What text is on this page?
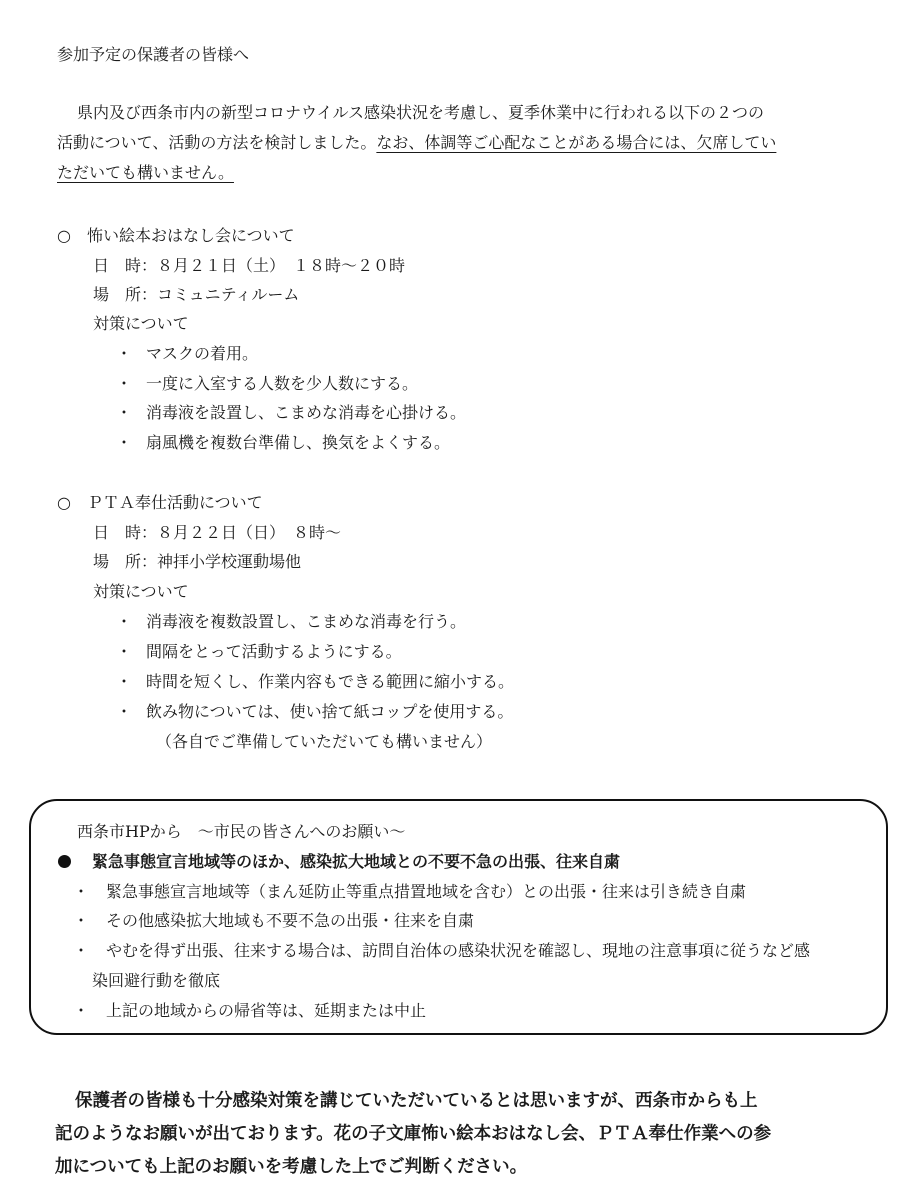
参加予定の保護者の皆様へ
県内及び西条市内の新型コロナウイルス感染状況を考慮し、夏季休業中に行われる以下の２つの
活動について、活動の方法を検討しました。なお、体調等ご心配なことがある場合には、欠席してい
ただいても構いません。
○ 怖い絵本おはなし会について
日　時：８月２１日（土）　１８時～２０時
場　所：コミュニティルーム
対策について
・ マスクの着用。
・ 一度に入室する人数を少人数にする。
・ 消毒液を設置し、こまめな消毒を心掛ける。
・ 扇風機を複数台準備し、換気をよくする。
○ ＰＴＡ奉仕活動について
日　時：８月２２日（日）　８時～
場　所：神拝小学校運動場他
対策について
・ 消毒液を複数設置し、こまめな消毒を行う。
・ 間隔をとって活動するようにする。
・ 時間を短くし、作業内容もできる範囲に縮小する。
・ 飲み物については、使い捨て紙コップを使用する。
（各自でご準備していただいても構いません）
西条市HPから　～市民の皆さんへのお願い～
緊急事態宣言地域等のほか、感染拡大地域との不要不急の出張、往来自粛
・ 緊急事態宣言地域等（まん延防止等重点措置地域を含む）との出張・往来は引き続き自粛
・ その他感染拡大地域も不要不急の出張・往来を自粛
・ やむを得ず出張、往来する場合は、訪問自治体の感染状況を確認し、現地の注意事項に従うなど感
染回避行動を徹底
・ 上記の地域からの帰省等は、延期または中止
保護者の皆様も十分感染対策を講じていただいているとは思いますが、西条市からも上
記のようなお願いが出ております。花の子文庫怖い絵本おはなし会、ＰＴＡ奉仕作業への参
加についても上記のお願いを考慮した上でご判断ください。
